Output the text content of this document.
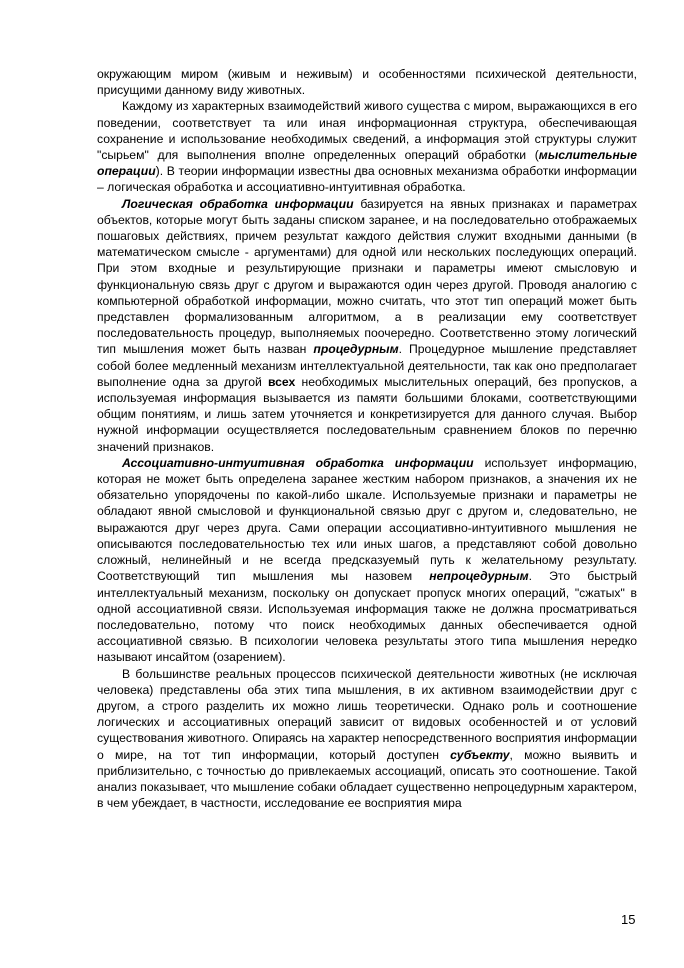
окружающим миром (живым и неживым) и особенностями психической деятельности, присущими данному виду животных.

Каждому из характерных взаимодействий живого существа с миром, выражающихся в его поведении, соответствует та или иная информационная структура, обеспечивающая сохранение и использование необходимых сведений, а информация этой структуры служит "сырьем" для выполнения вполне определенных операций обработки (мыслительные операции). В теории информации известны два основных механизма обработки информации – логическая обработка и ассоциативно-интуитивная обработка.

Логическая обработка информации базируется на явных признаках и параметрах объектов, которые могут быть заданы списком заранее, и на последовательно отображаемых пошаговых действиях, причем результат каждого действия служит входными данными (в математическом смысле - аргументами) для одной или нескольких последующих операций. При этом входные и результирующие признаки и параметры имеют смысловую и функциональную связь друг с другом и выражаются один через другой. Проводя аналогию с компьютерной обработкой информации, можно считать, что этот тип операций может быть представлен формализованным алгоритмом, а в реализации ему соответствует последовательность процедур, выполняемых поочередно. Соответственно этому логический тип мышления может быть назван процедурным. Процедурное мышление представляет собой более медленный механизм интеллектуальной деятельности, так как оно предполагает выполнение одна за другой всех необходимых мыслительных операций, без пропусков, а используемая информация вызывается из памяти большими блоками, соответствующими общим понятиям, и лишь затем уточняется и конкретизируется для данного случая. Выбор нужной информации осуществляется последовательным сравнением блоков по перечню значений признаков.

Ассоциативно-интуитивная обработка информации использует информацию, которая не может быть определена заранее жестким набором признаков, а значения их не обязательно упорядочены по какой-либо шкале. Используемые признаки и параметры не обладают явной смысловой и функциональной связью друг с другом и, следовательно, не выражаются друг через друга. Сами операции ассоциативно-интуитивного мышления не описываются последовательностью тех или иных шагов, а представляют собой довольно сложный, нелинейный и не всегда предсказуемый путь к желательному результату. Соответствующий тип мышления мы назовем непроцедурным. Это быстрый интеллектуальный механизм, поскольку он допускает пропуск многих операций, "сжатых" в одной ассоциативной связи. Используемая информация также не должна просматриваться последовательно, потому что поиск необходимых данных обеспечивается одной ассоциативной связью. В психологии человека результаты этого типа мышления нередко называют инсайтом (озарением).

В большинстве реальных процессов психической деятельности животных (не исключая человека) представлены оба этих типа мышления, в их активном взаимодействии друг с другом, а строго разделить их можно лишь теоретически. Однако роль и соотношение логических и ассоциативных операций зависит от видовых особенностей и от условий существования животного. Опираясь на характер непосредственного восприятия информации о мире, на тот тип информации, который доступен субъекту, можно выявить и приблизительно, с точностью до привлекаемых ассоциаций, описать это соотношение. Такой анализ показывает, что мышление собаки обладает существенно непроцедурным характером, в чем убеждает, в частности, исследование ее восприятия мира

15
